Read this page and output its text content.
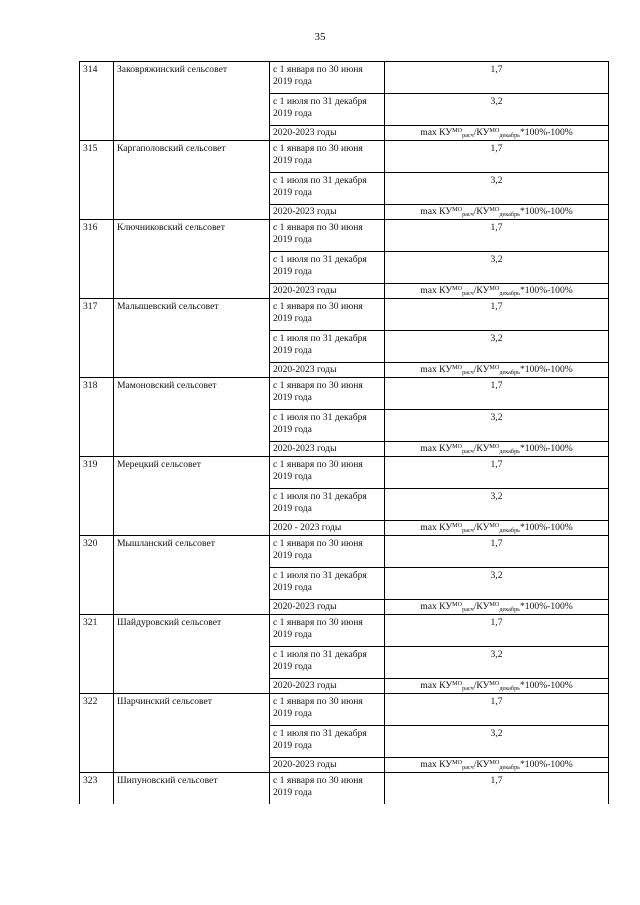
35
314	Заковряжинский сельсовет	с 1 января по 30 июня 2019 года	1,7
		с 1 июля по 31 декабря 2019 года	3,2
		2020-2023 годы	$\max КУ^{МО}_{расч}/КУ^{МО}_{декабрь}*100\%-100\%$
315	Каргаполовский сельсовет	с 1 января по 30 июня 2019 года	1,7
		с 1 июля по 31 декабря 2019 года	3,2
		2020-2023 годы	$\max КУ^{МО}_{расч}/КУ^{МО}_{декабрь}*100\%-100\%$
316	Ключниковский сельсовет	с 1 января по 30 июня 2019 года	1,7
		с 1 июля по 31 декабря 2019 года	3,2
		2020-2023 годы	$\max КУ^{МО}_{расч}/КУ^{МО}_{декабрь}*100\%-100\%$
317	Малышевский сельсовет	с 1 января по 30 июня 2019 года	1,7
		с 1 июля по 31 декабря 2019 года	3,2
		2020-2023 годы	$\max КУ^{МО}_{расч}/КУ^{МО}_{декабрь}*100\%-100\%$
318	Мамоновский сельсовет	с 1 января по 30 июня 2019 года	1,7
		с 1 июля по 31 декабря 2019 года	3,2
		2020-2023 годы	$\max КУ^{МО}_{расч}/КУ^{МО}_{декабрь}*100\%-100\%$
319	Мерецкий сельсовет	с 1 января по 30 июня 2019 года	1,7
		с 1 июля по 31 декабря 2019 года	3,2
		2020 - 2023 годы	$\max КУ^{МО}_{расч}/КУ^{МО}_{декабрь}*100\%-100\%$
320	Мышланский сельсовет	с 1 января по 30 июня 2019 года	1,7
		с 1 июля по 31 декабря 2019 года	3,2
		2020-2023 годы	$\max КУ^{МО}_{расч}/КУ^{МО}_{декабрь}*100\%-100\%$
321	Шайдуровский сельсовет	с 1 января по 30 июня 2019 года	1,7
		с 1 июля по 31 декабря 2019 года	3,2
		2020-2023 годы	$\max КУ^{МО}_{расч}/КУ^{МО}_{декабрь}*100\%-100\%$
322	Шарчинский сельсовет	с 1 января по 30 июня 2019 года	1,7
		с 1 июля по 31 декабря 2019 года	3,2
		2020-2023 годы	$\max КУ^{МО}_{расч}/КУ^{МО}_{декабрь}*100\%-100\%$
323	Шипуновский сельсовет	с 1 января по 30 июня 2019 года	1,7
